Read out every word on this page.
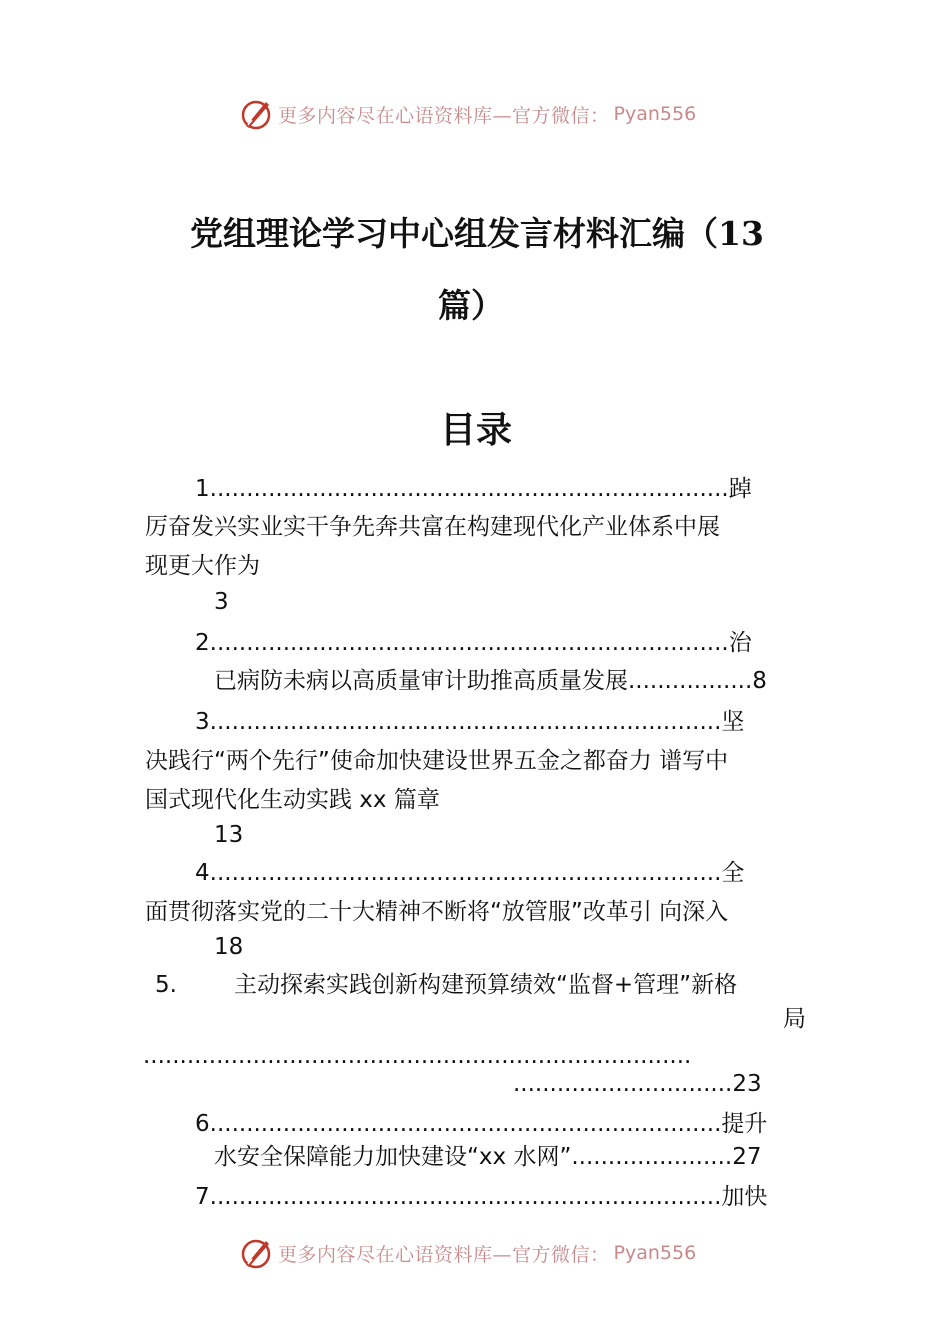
更多内容尽在心语资料库—官方微信： Pyan556
党组理论学习中心组发言材料汇编（13
篇）
目录
1.......................................................................踔
厉奋发兴实业实干争先奔共富在构建现代化产业体系中展
现更大作为
3
2.......................................................................治
已病防未病以高质量审计助推高质量发展.................8
3......................................................................坚
决践行“两个先行”使命加快建设世界五金之都奋力 谱写中
国式现代化生动实践 xx 篇章
13
4......................................................................全
面贯彻落实党的二十大精神不断将“放管服”改革引 向深入
18
5. 主动探索实践创新构建预算绩效“监督+管理”新格
局
...........................................................................
..............................23
6......................................................................提升
水安全保障能力加快建设“xx 水网”......................27
7......................................................................加快
更多内容尽在心语资料库—官方微信： Pyan556
